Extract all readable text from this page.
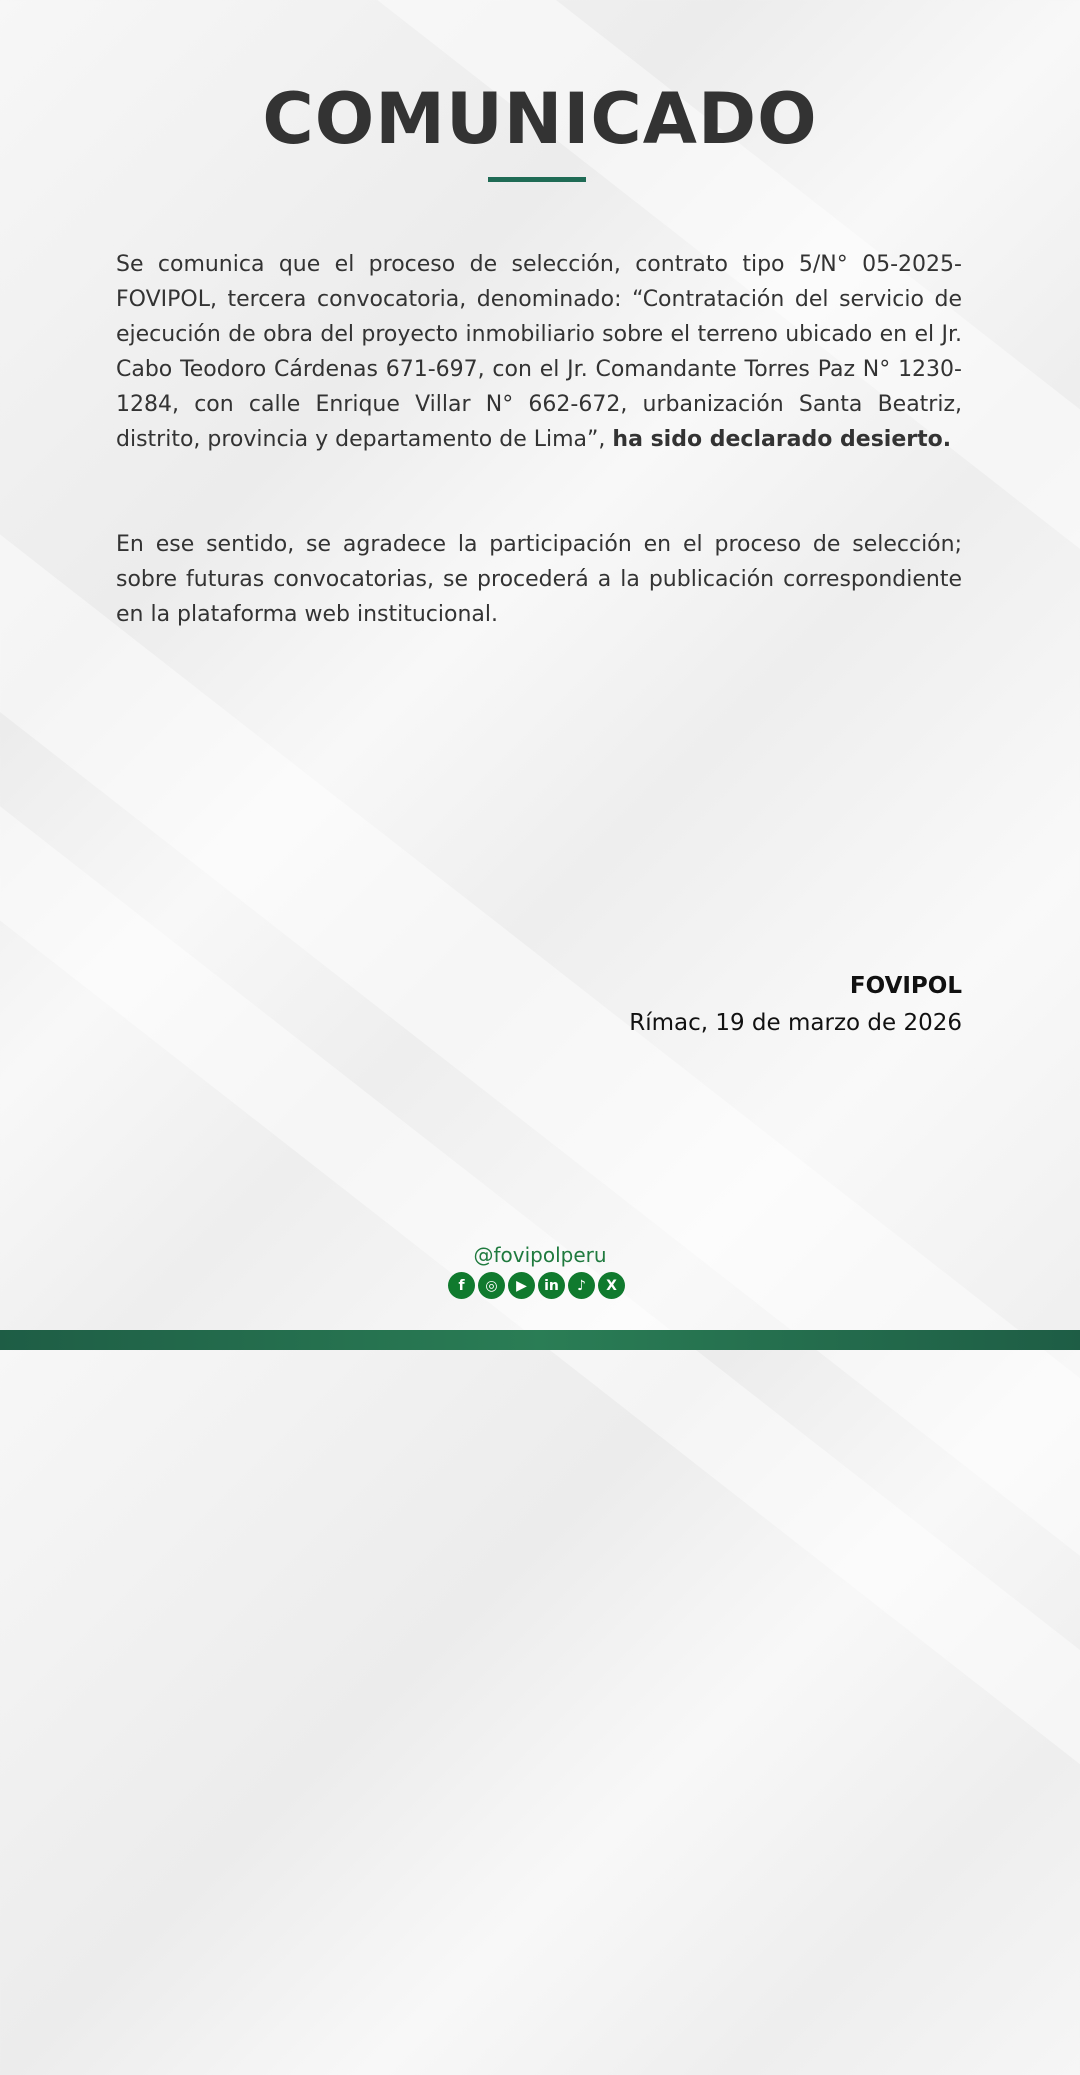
COMUNICADO
Se comunica que el proceso de selección, contrato tipo 5/N° 05-2025-FOVIPOL, tercera convocatoria, denominado: “Contratación del servicio de ejecución de obra del proyecto inmobiliario sobre el terreno ubicado en el Jr. Cabo Teodoro Cárdenas 671-697, con el Jr. Comandante Torres Paz N° 1230-1284, con calle Enrique Villar N° 662-672, urbanización Santa Beatriz, distrito, provincia y departamento de Lima”, ha sido declarado desierto.
En ese sentido, se agradece la participación en el proceso de selección; sobre futuras convocatorias, se procederá a la publicación correspondiente en la plataforma web institucional.
FOVIPOL
Rímac, 19 de marzo de 2026
@fovipolperu
f	◎	▶	in	♪	X
